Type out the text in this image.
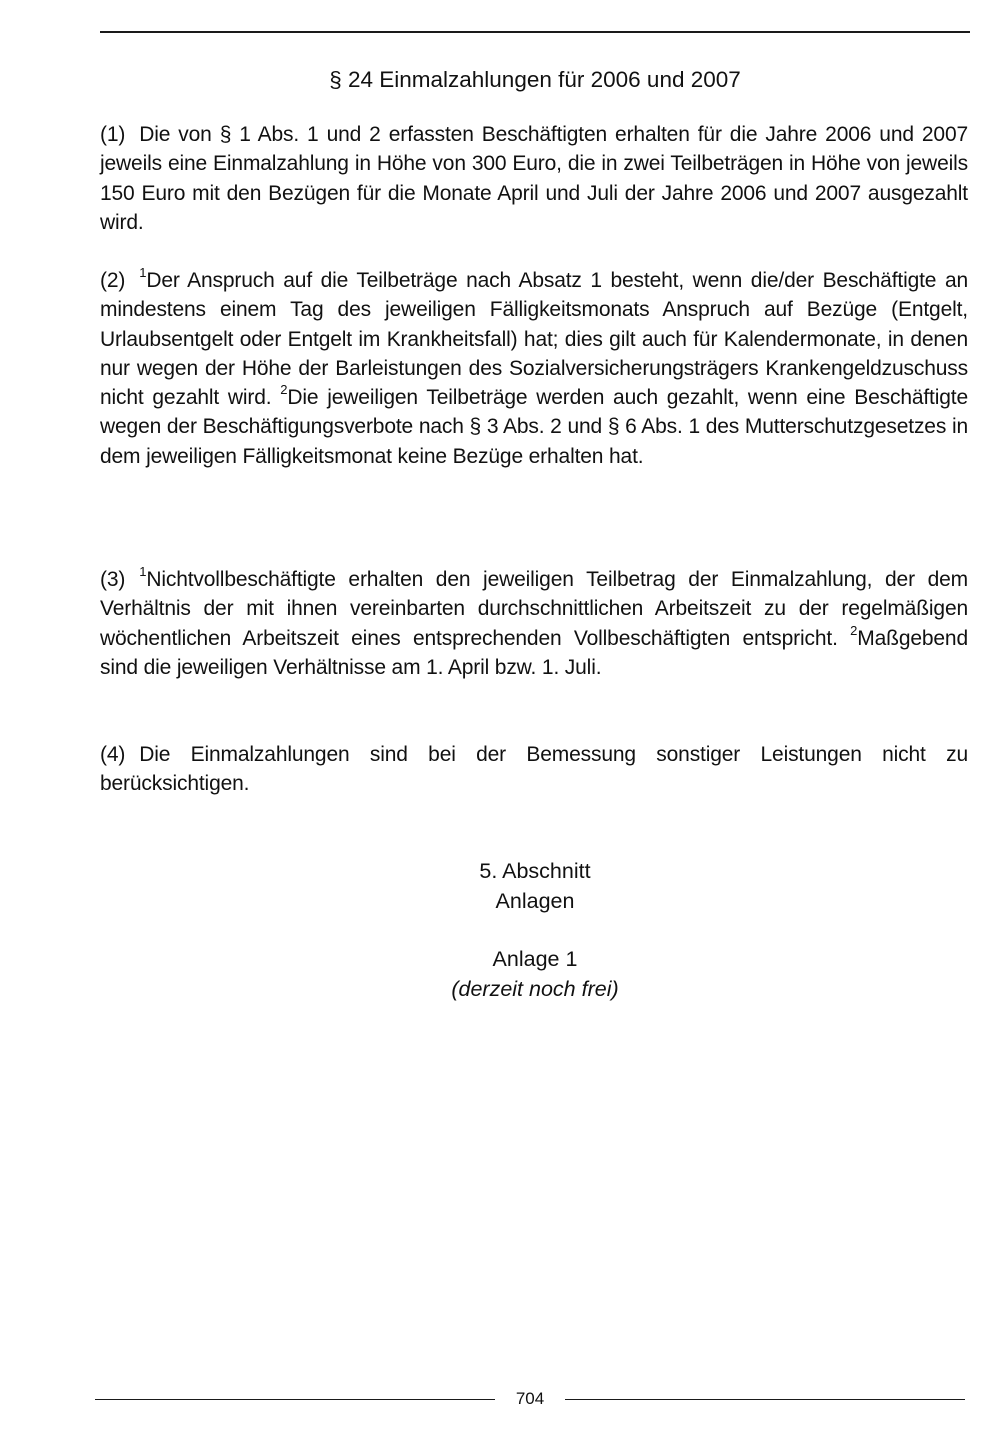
§ 24 Einmalzahlungen für 2006 und 2007

(1) Die von § 1 Abs. 1 und 2 erfassten Beschäftigten erhalten für die Jahre 2006 und 2007 jeweils eine Einmalzahlung in Höhe von 300 Euro, die in zwei Teilbeträgen in Höhe von jeweils 150 Euro mit den Bezügen für die Monate April und Juli der Jahre 2006 und 2007 ausgezahlt wird.

(2) $^1$Der Anspruch auf die Teilbeträge nach Absatz 1 besteht, wenn die/der Beschäftigte an mindestens einem Tag des jeweiligen Fälligkeitsmonats Anspruch auf Bezüge (Entgelt, Urlaubsentgelt oder Entgelt im Krankheitsfall) hat; dies gilt auch für Kalendermonate, in denen nur wegen der Höhe der Barleistungen des Sozialversicherungsträgers Krankengeldzuschuss nicht gezahlt wird. $^2$Die jeweiligen Teilbeträge werden auch gezahlt, wenn eine Beschäftigte wegen der Beschäftigungsverbote nach § 3 Abs. 2 und § 6 Abs. 1 des Mutterschutzgesetzes in dem jeweiligen Fälligkeitsmonat keine Bezüge erhalten hat.

(3) $^1$Nichtvollbeschäftigte erhalten den jeweiligen Teilbetrag der Einmalzahlung, der dem Verhältnis der mit ihnen vereinbarten durchschnittlichen Arbeitszeit zu der regelmäßigen wöchentlichen Arbeitszeit eines entsprechenden Vollbeschäftigten entspricht. $^2$Maßgebend sind die jeweiligen Verhältnisse am 1. April bzw. 1. Juli.

(4) Die Einmalzahlungen sind bei der Bemessung sonstiger Leistungen nicht zu berücksichtigen.

5. Abschnitt
Anlagen
Anlage 1
(derzeit noch frei)
704
